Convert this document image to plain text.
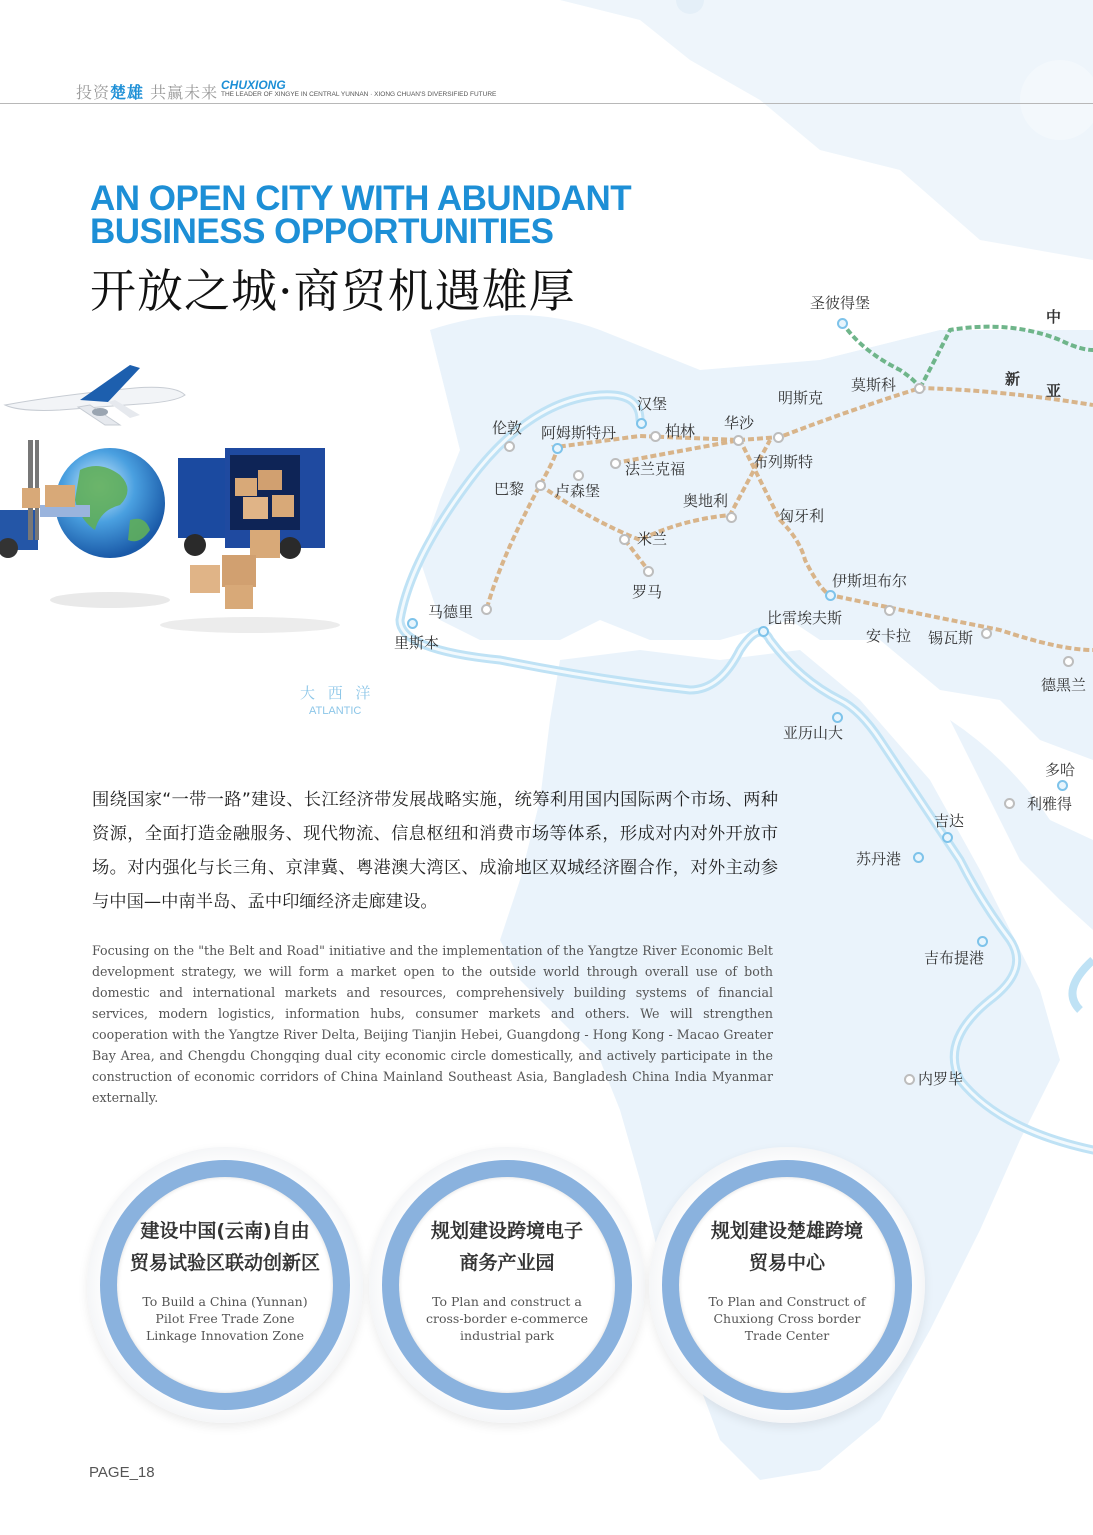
投资楚雄 共赢未来 CHUXIONG
THE LEADER OF XINGYE IN CENTRAL YUNNAN · XIONG CHUAN'S DIVERSIFIED FUTURE
AN OPEN CITY WITH ABUNDANT
BUSINESS OPPORTUNITIES
开放之城·商贸机遇雄厚	中
新
亚
圣彼得堡
莫斯科
明斯克
汉堡
伦敦 阿姆斯特丹	柏林 华沙
法兰克福	布列斯特
巴黎 卢森堡
奥地利
匈牙利
米兰
罗马
伊斯坦布尔
马德里	比雷埃夫斯
安卡拉 锡瓦斯
里斯本
德黑兰
亚历山大
多哈
利雅得
吉达
苏丹港
吉布提港
内罗毕
大 西 洋
ATLANTIC
围绕国家“一带一路”建设、长江经济带发展战略实施，统筹利用国内国际两个市场、两种资源，全面打造金融服务、现代物流、信息枢纽和消费市场等体系，形成对内对外开放市场。对内强化与长三角、京津冀、粤港澳大湾区、成渝地区双城经济圈合作，对外主动参与中国—中南半岛、孟中印缅经济走廊建设。
Focusing on the "the Belt and Road" initiative and the implementation of the Yangtze River Economic Belt development strategy, we will form a market open to the outside world through overall use of both domestic and international markets and resources, comprehensively building systems of financial services, modern logistics, information hubs, consumer markets and others. We will strengthen cooperation with the Yangtze River Delta, Beijing Tianjin Hebei, Guangdong - Hong Kong - Macao Greater Bay Area, and Chengdu Chongqing dual city economic circle domestically, and actively participate in the construction of economic corridors of China Mainland Southeast Asia, Bangladesh China India Myanmar externally.
建设中国(云南)自由
贸易试验区联动创新区
To Build a China (Yunnan)
Pilot Free Trade Zone
Linkage Innovation Zone
规划建设跨境电子
商务产业园
To Plan and construct a
cross-border e-commerce
industrial park
规划建设楚雄跨境
贸易中心
To Plan and Construct of
Chuxiong Cross border
Trade Center
PAGE_18
